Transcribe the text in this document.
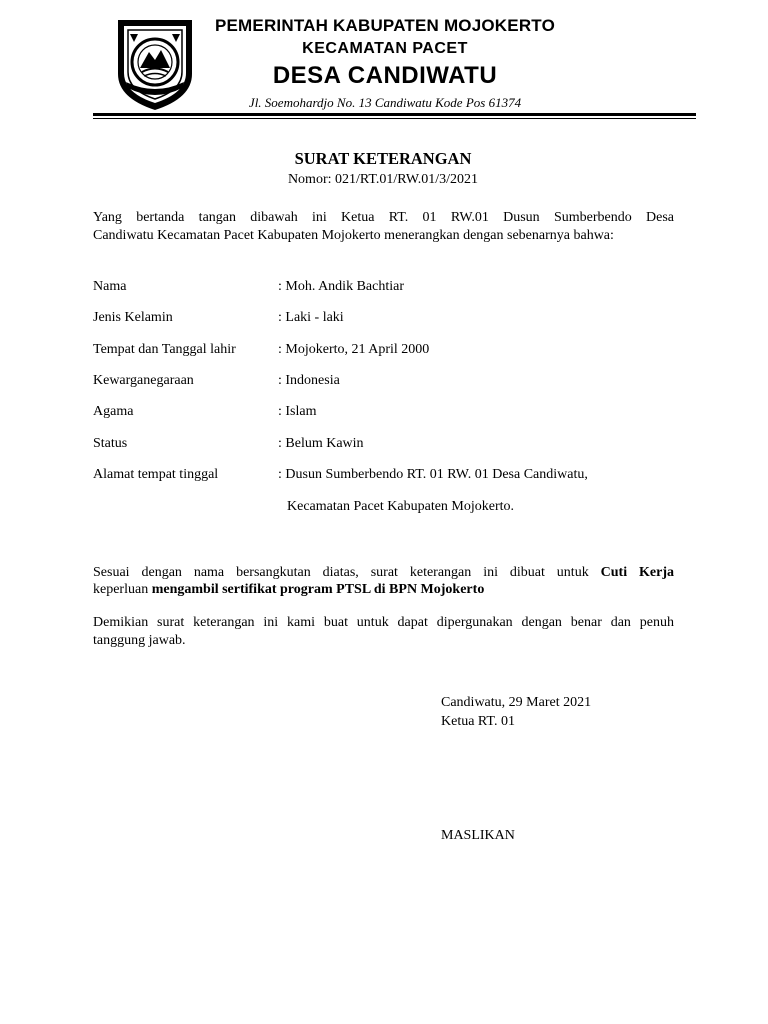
PEMERINTAH KABUPATEN MOJOKERTO
KECAMATAN PACET
DESA CANDIWATU
Jl. Soemohardjo No. 13 Candiwatu Kode Pos 61374
SURAT KETERANGAN
Nomor: 021/RT.01/RW.01/3/2021
Yang bertanda tangan dibawah ini Ketua RT. 01 RW.01 Dusun Sumberbendo Desa
Candiwatu Kecamatan Pacet Kabupaten Mojokerto menerangkan dengan sebenarnya bahwa:
Nama	: Moh. Andik Bachtiar
Jenis Kelamin	: Laki - laki
Tempat dan Tanggal lahir	: Mojokerto, 21 April 2000
Kewarganegaraan	: Indonesia
Agama	: Islam
Status	: Belum Kawin
Alamat tempat tinggal	: Dusun Sumberbendo RT. 01 RW. 01 Desa Candiwatu,
Kecamatan Pacet Kabupaten Mojokerto.
Sesuai dengan nama bersangkutan diatas, surat keterangan ini dibuat untuk Cuti Kerja
keperluan mengambil sertifikat program PTSL di BPN Mojokerto
Demikian surat keterangan ini kami buat untuk dapat dipergunakan dengan benar dan penuh
tanggung jawab.
Candiwatu, 29 Maret 2021
Ketua RT. 01
MASLIKAN
